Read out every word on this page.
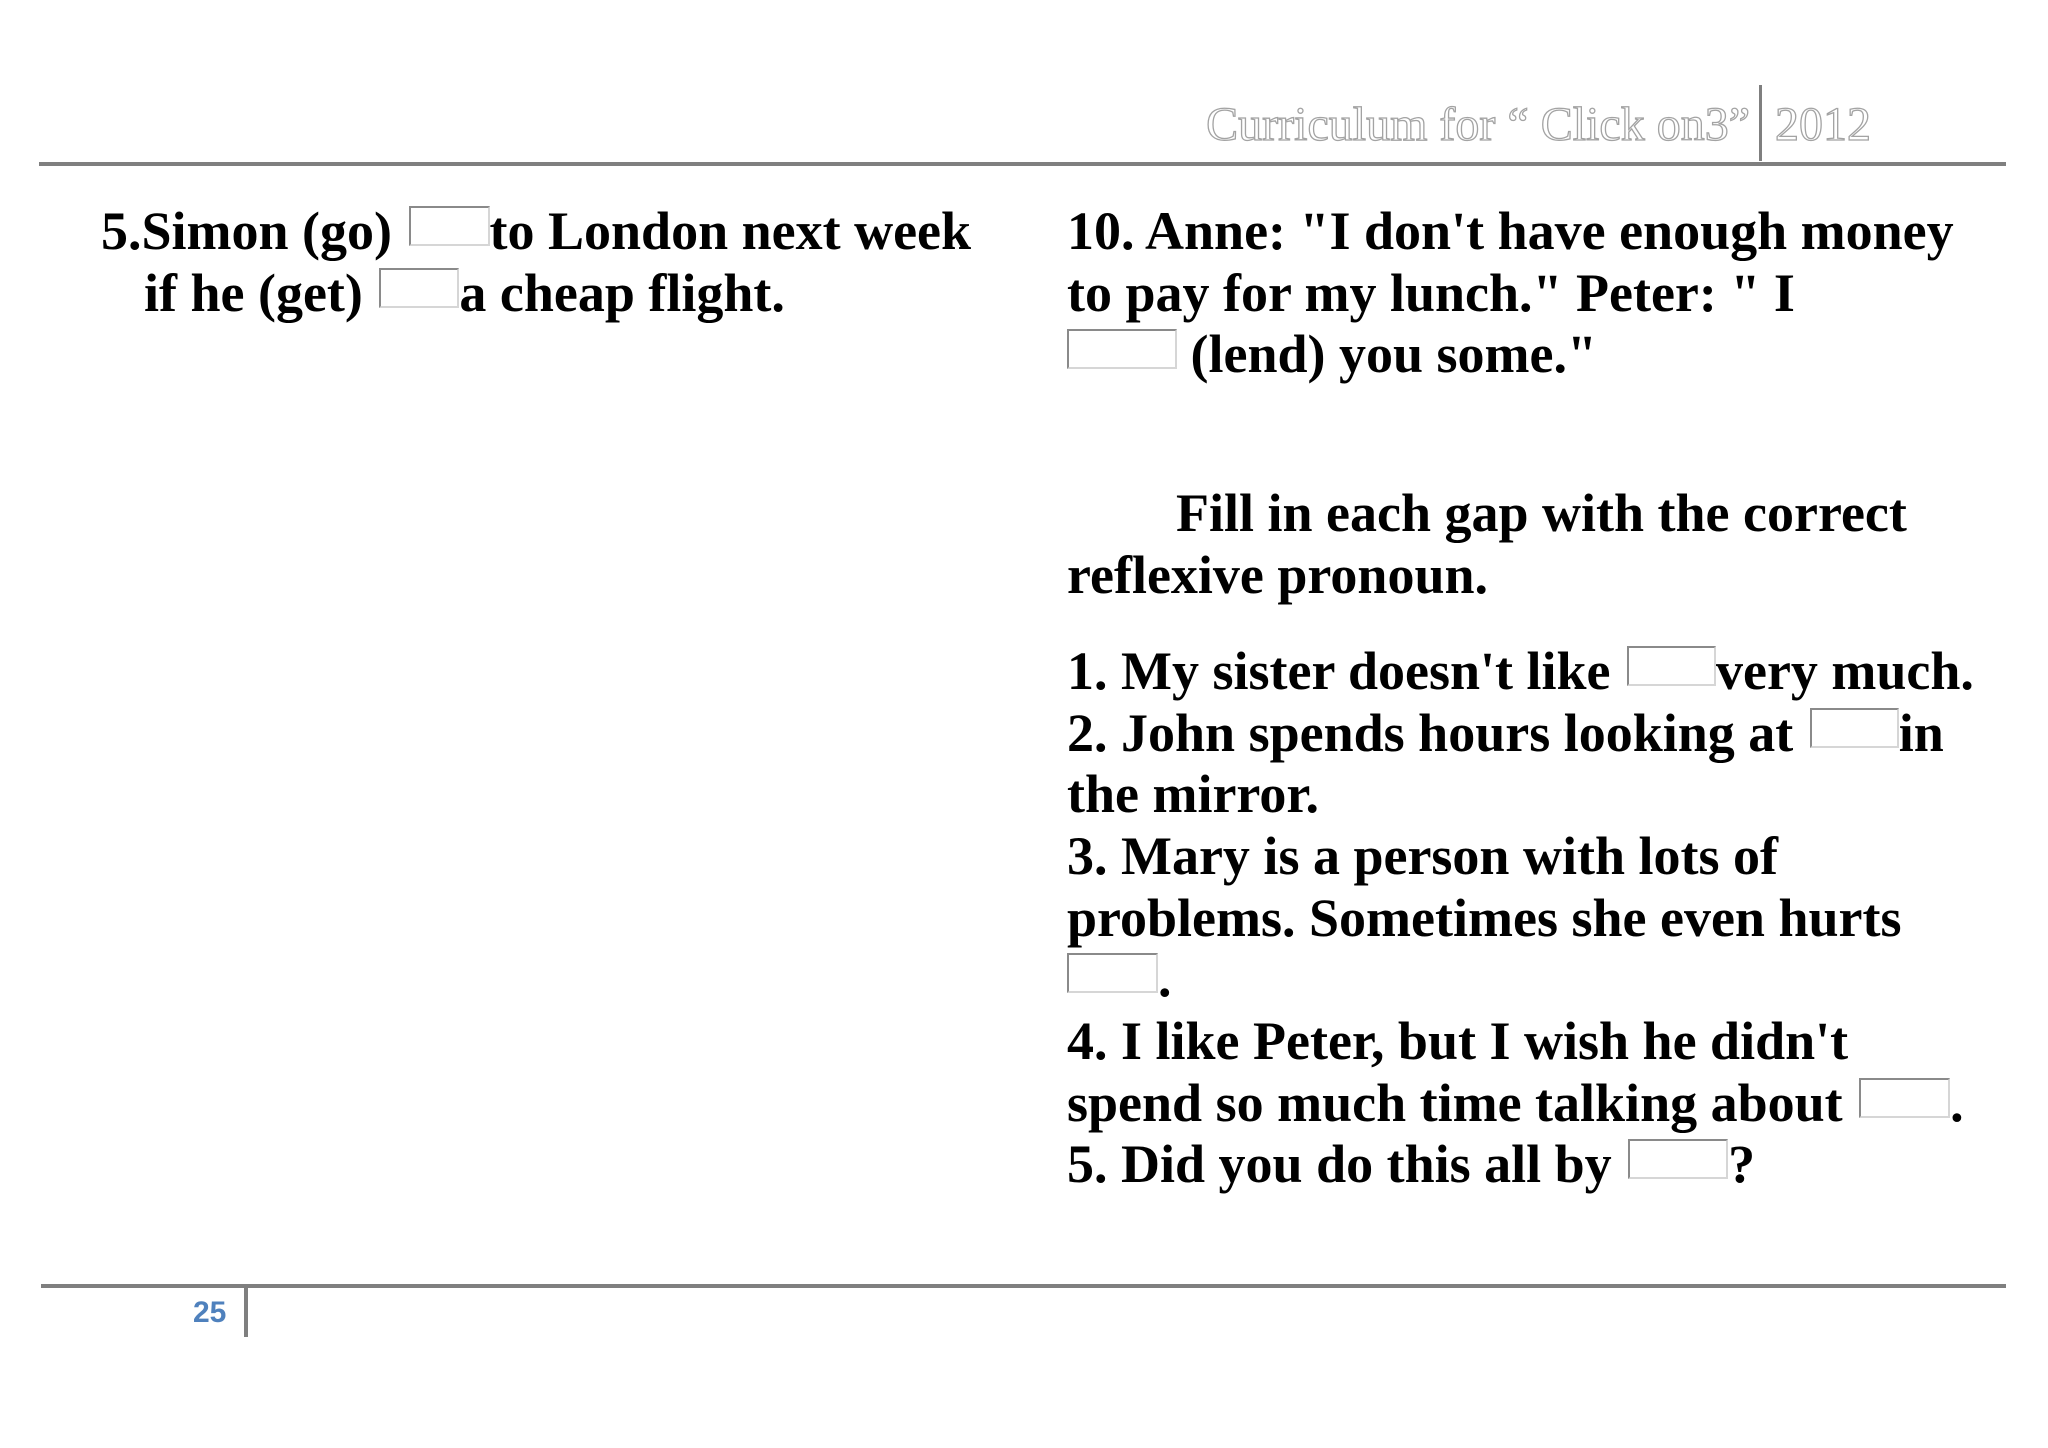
Curriculum for “ Click on3” 2012
5.Simon (go) to London next week
if he (get) a cheap flight.
10. Anne: "I don't have enough money
to pay for my lunch." Peter: " I
(lend) you some."
Fill in each gap with the correct
reflexive pronoun.
1. My sister doesn't like very much.
2. John spends hours looking at in
the mirror.
3. Mary is a person with lots of
problems. Sometimes she even hurts
.
4. I like Peter, but I wish he didn't
spend so much time talking about .
5. Did you do this all by ?
25
